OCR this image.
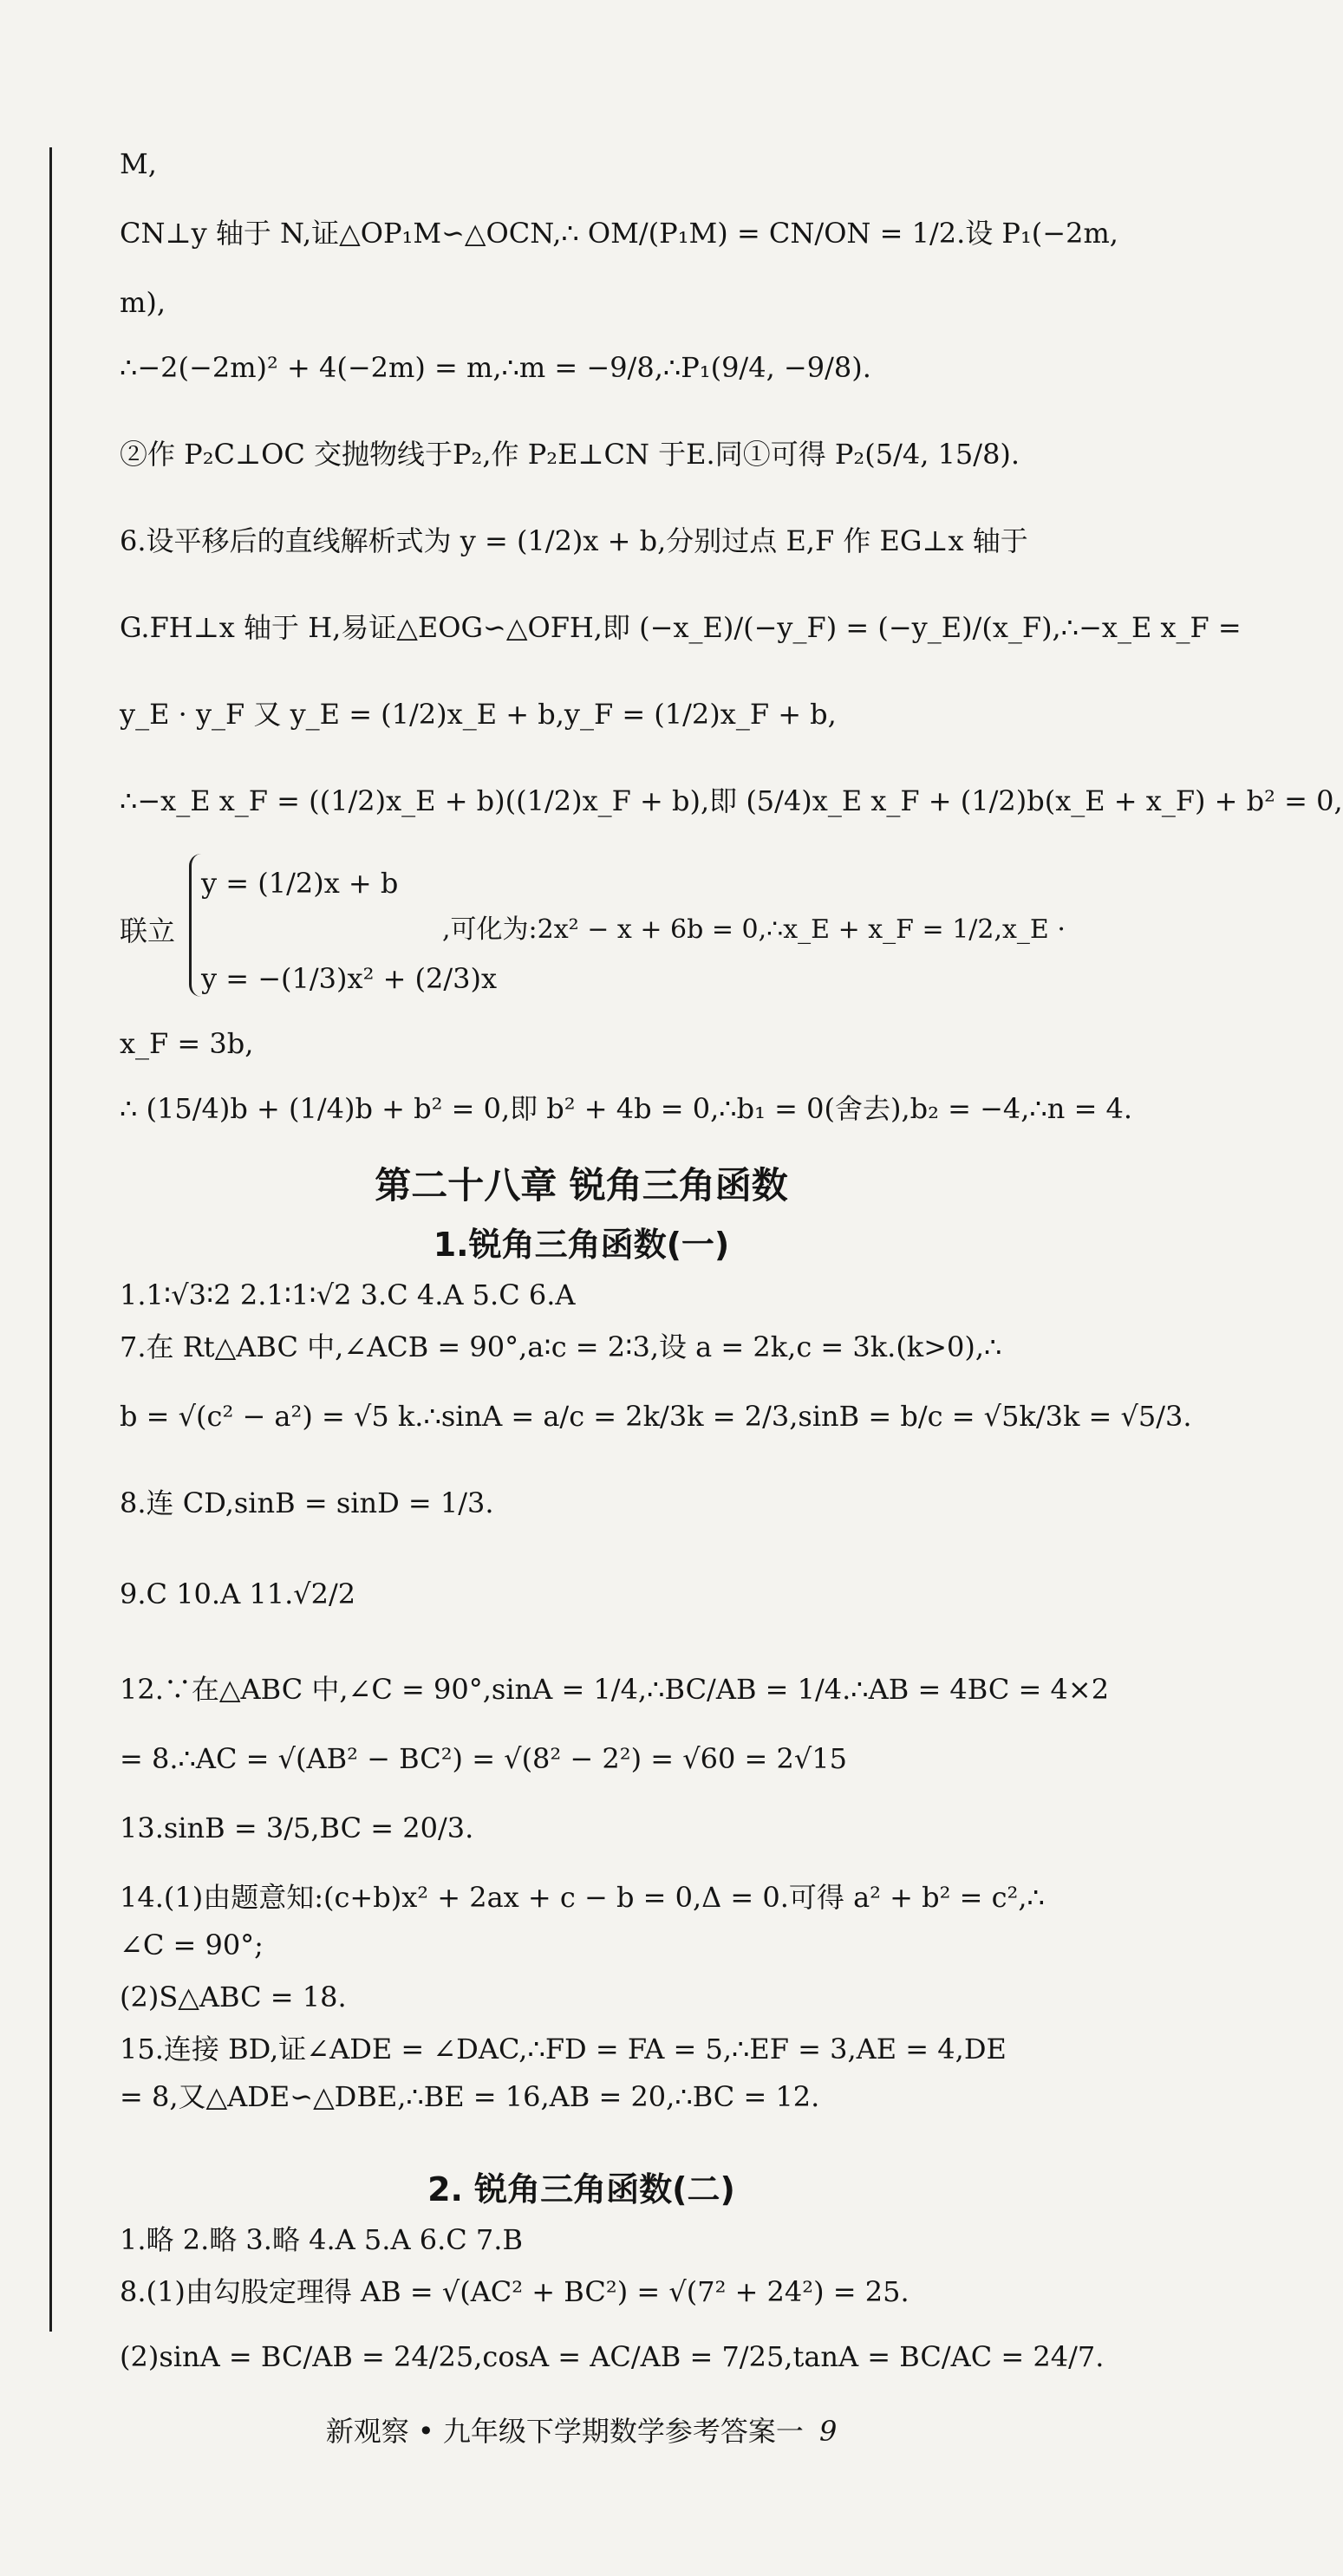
M,
CN⊥y 轴于 N,证△OP₁M∽△OCN,∴ OM/(P₁M) = CN/ON = 1/2.设 P₁(−2m,
m),
∴−2(−2m)² + 4(−2m) = m,∴m = −9/8,∴P₁(9/4, −9/8).
②作 P₂C⊥OC 交抛物线于P₂,作 P₂E⊥CN 于E.同①可得 P₂(5/4, 15/8).
6.设平移后的直线解析式为 y = (1/2)x + b,分别过点 E,F 作 EG⊥x 轴于
G.FH⊥x 轴于 H,易证△EOG∽△OFH,即 (−x_E)/(−y_F) = (−y_E)/(x_F),∴−x_E x_F =
y_E · y_F 又 y_E = (1/2)x_E + b,y_F = (1/2)x_F + b,
∴−x_E x_F = ((1/2)x_E + b)((1/2)x_F + b),即 (5/4)x_E x_F + (1/2)b(x_E + x_F) + b² = 0,
y = (1/2)x + b
联立
y = −(1/3)x² + (2/3)x
,可化为:2x² − x + 6b = 0,∴x_E + x_F = 1/2,x_E ·
x_F = 3b,
∴ (15/4)b + (1/4)b + b² = 0,即 b² + 4b = 0,∴b₁ = 0(舍去),b₂ = −4,∴n = 4.
第二十八章 锐角三角函数
1.锐角三角函数(一)
1.1∶√3∶2 2.1∶1∶√2 3.C 4.A 5.C 6.A
7.在 Rt△ABC 中,∠ACB = 90°,a∶c = 2∶3,设 a = 2k,c = 3k.(k>0),∴
b = √(c² − a²) = √5 k.∴sinA = a/c = 2k/3k = 2/3,sinB = b/c = √5k/3k = √5/3.
8.连 CD,sinB = sinD = 1/3.
9.C 10.A 11.√2/2
12.∵在△ABC 中,∠C = 90°,sinA = 1/4,∴BC/AB = 1/4.∴AB = 4BC = 4×2
= 8.∴AC = √(AB² − BC²) = √(8² − 2²) = √60 = 2√15
13.sinB = 3/5,BC = 20/3.
14.(1)由题意知:(c+b)x² + 2ax + c − b = 0,Δ = 0.可得 a² + b² = c²,∴
∠C = 90°;
(2)S△ABC = 18.
15.连接 BD,证∠ADE = ∠DAC,∴FD = FA = 5,∴EF = 3,AE = 4,DE
= 8,又△ADE∽△DBE,∴BE = 16,AB = 20,∴BC = 12.
2. 锐角三角函数(二)
1.略 2.略 3.略 4.A 5.A 6.C 7.B
8.(1)由勾股定理得 AB = √(AC² + BC²) = √(7² + 24²) = 25.
(2)sinA = BC/AB = 24/25,cosA = AC/AB = 7/25,tanA = BC/AC = 24/7.
新观察 • 九年级下学期数学参考答案一 9
